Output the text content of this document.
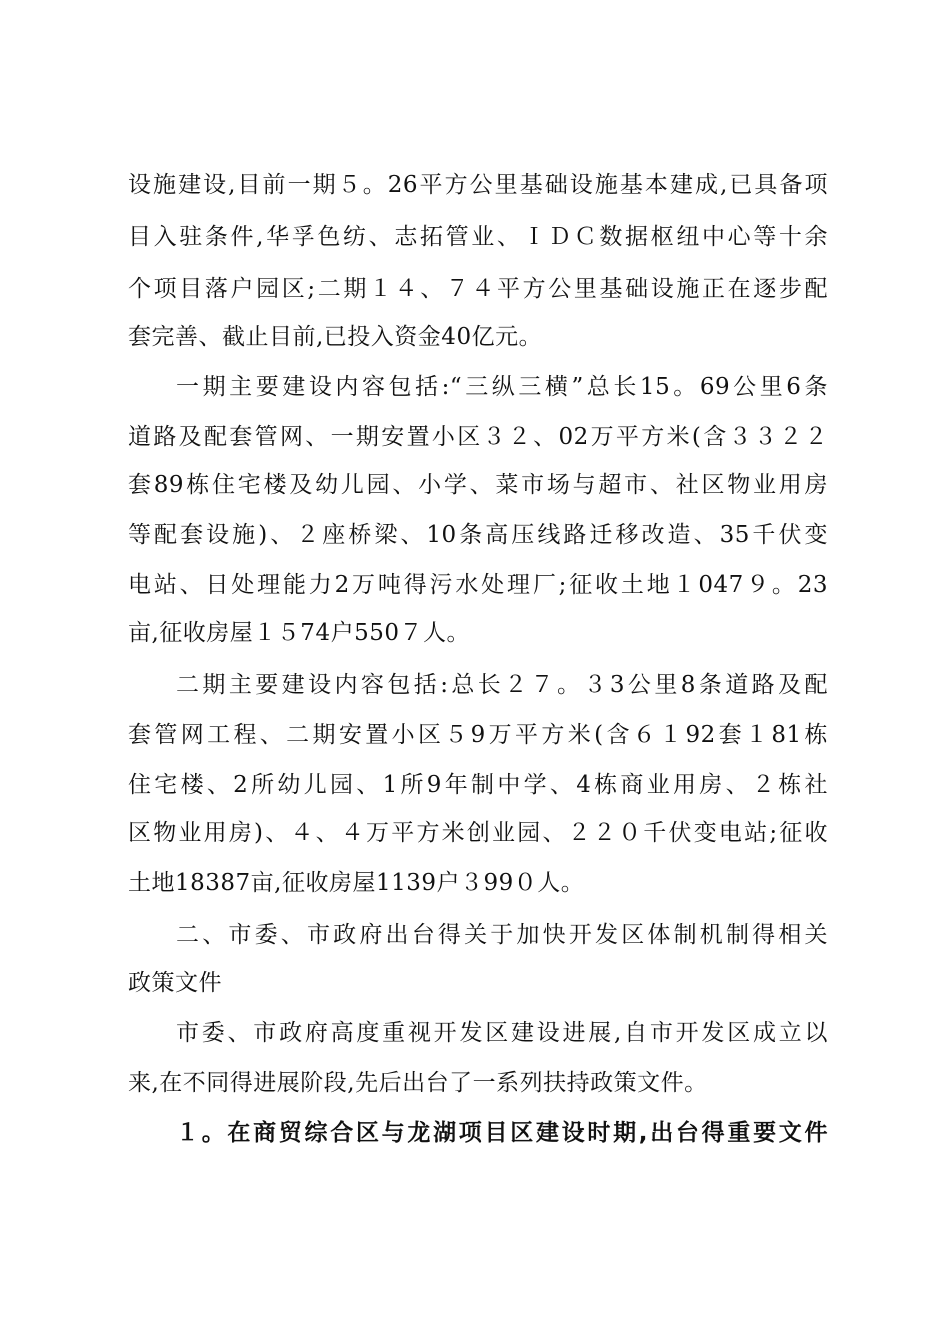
设施建设,目前一期５。26平方公里基础设施基本建成,已具备项
目入驻条件,华孚色纺、志拓管业、ＩＤＣ数据枢纽中心等十余
个项目落户园区;二期１４、７４平方公里基础设施正在逐步配
套完善、截止目前,已投入资金40亿元。
一期主要建设内容包括:“三纵三横”总长15。69公里6条
道路及配套管网、一期安置小区３２、02万平方米(含３３２２
套89栋住宅楼及幼儿园、小学、菜市场与超市、社区物业用房
等配套设施)、２座桥梁、10条高压线路迁移改造、35千伏变
电站、日处理能力2万吨得污水处理厂;征收土地１047９。23
亩,征收房屋１５74户550７人。
二期主要建设内容包括:总长２７。３3公里8条道路及配
套管网工程、二期安置小区５9万平方米(含６１92套１81栋
住宅楼、2所幼儿园、1所9年制中学、4栋商业用房、２栋社
区物业用房)、４、４万平方米创业园、２２０千伏变电站;征收
土地18387亩,征收房屋1139户３99０人。
二、市委、市政府出台得关于加快开发区体制机制得相关
政策文件
市委、市政府高度重视开发区建设进展,自市开发区成立以
来,在不同得进展阶段,先后出台了一系列扶持政策文件。
１。在商贸综合区与龙湖项目区建设时期,出台得重要文件
